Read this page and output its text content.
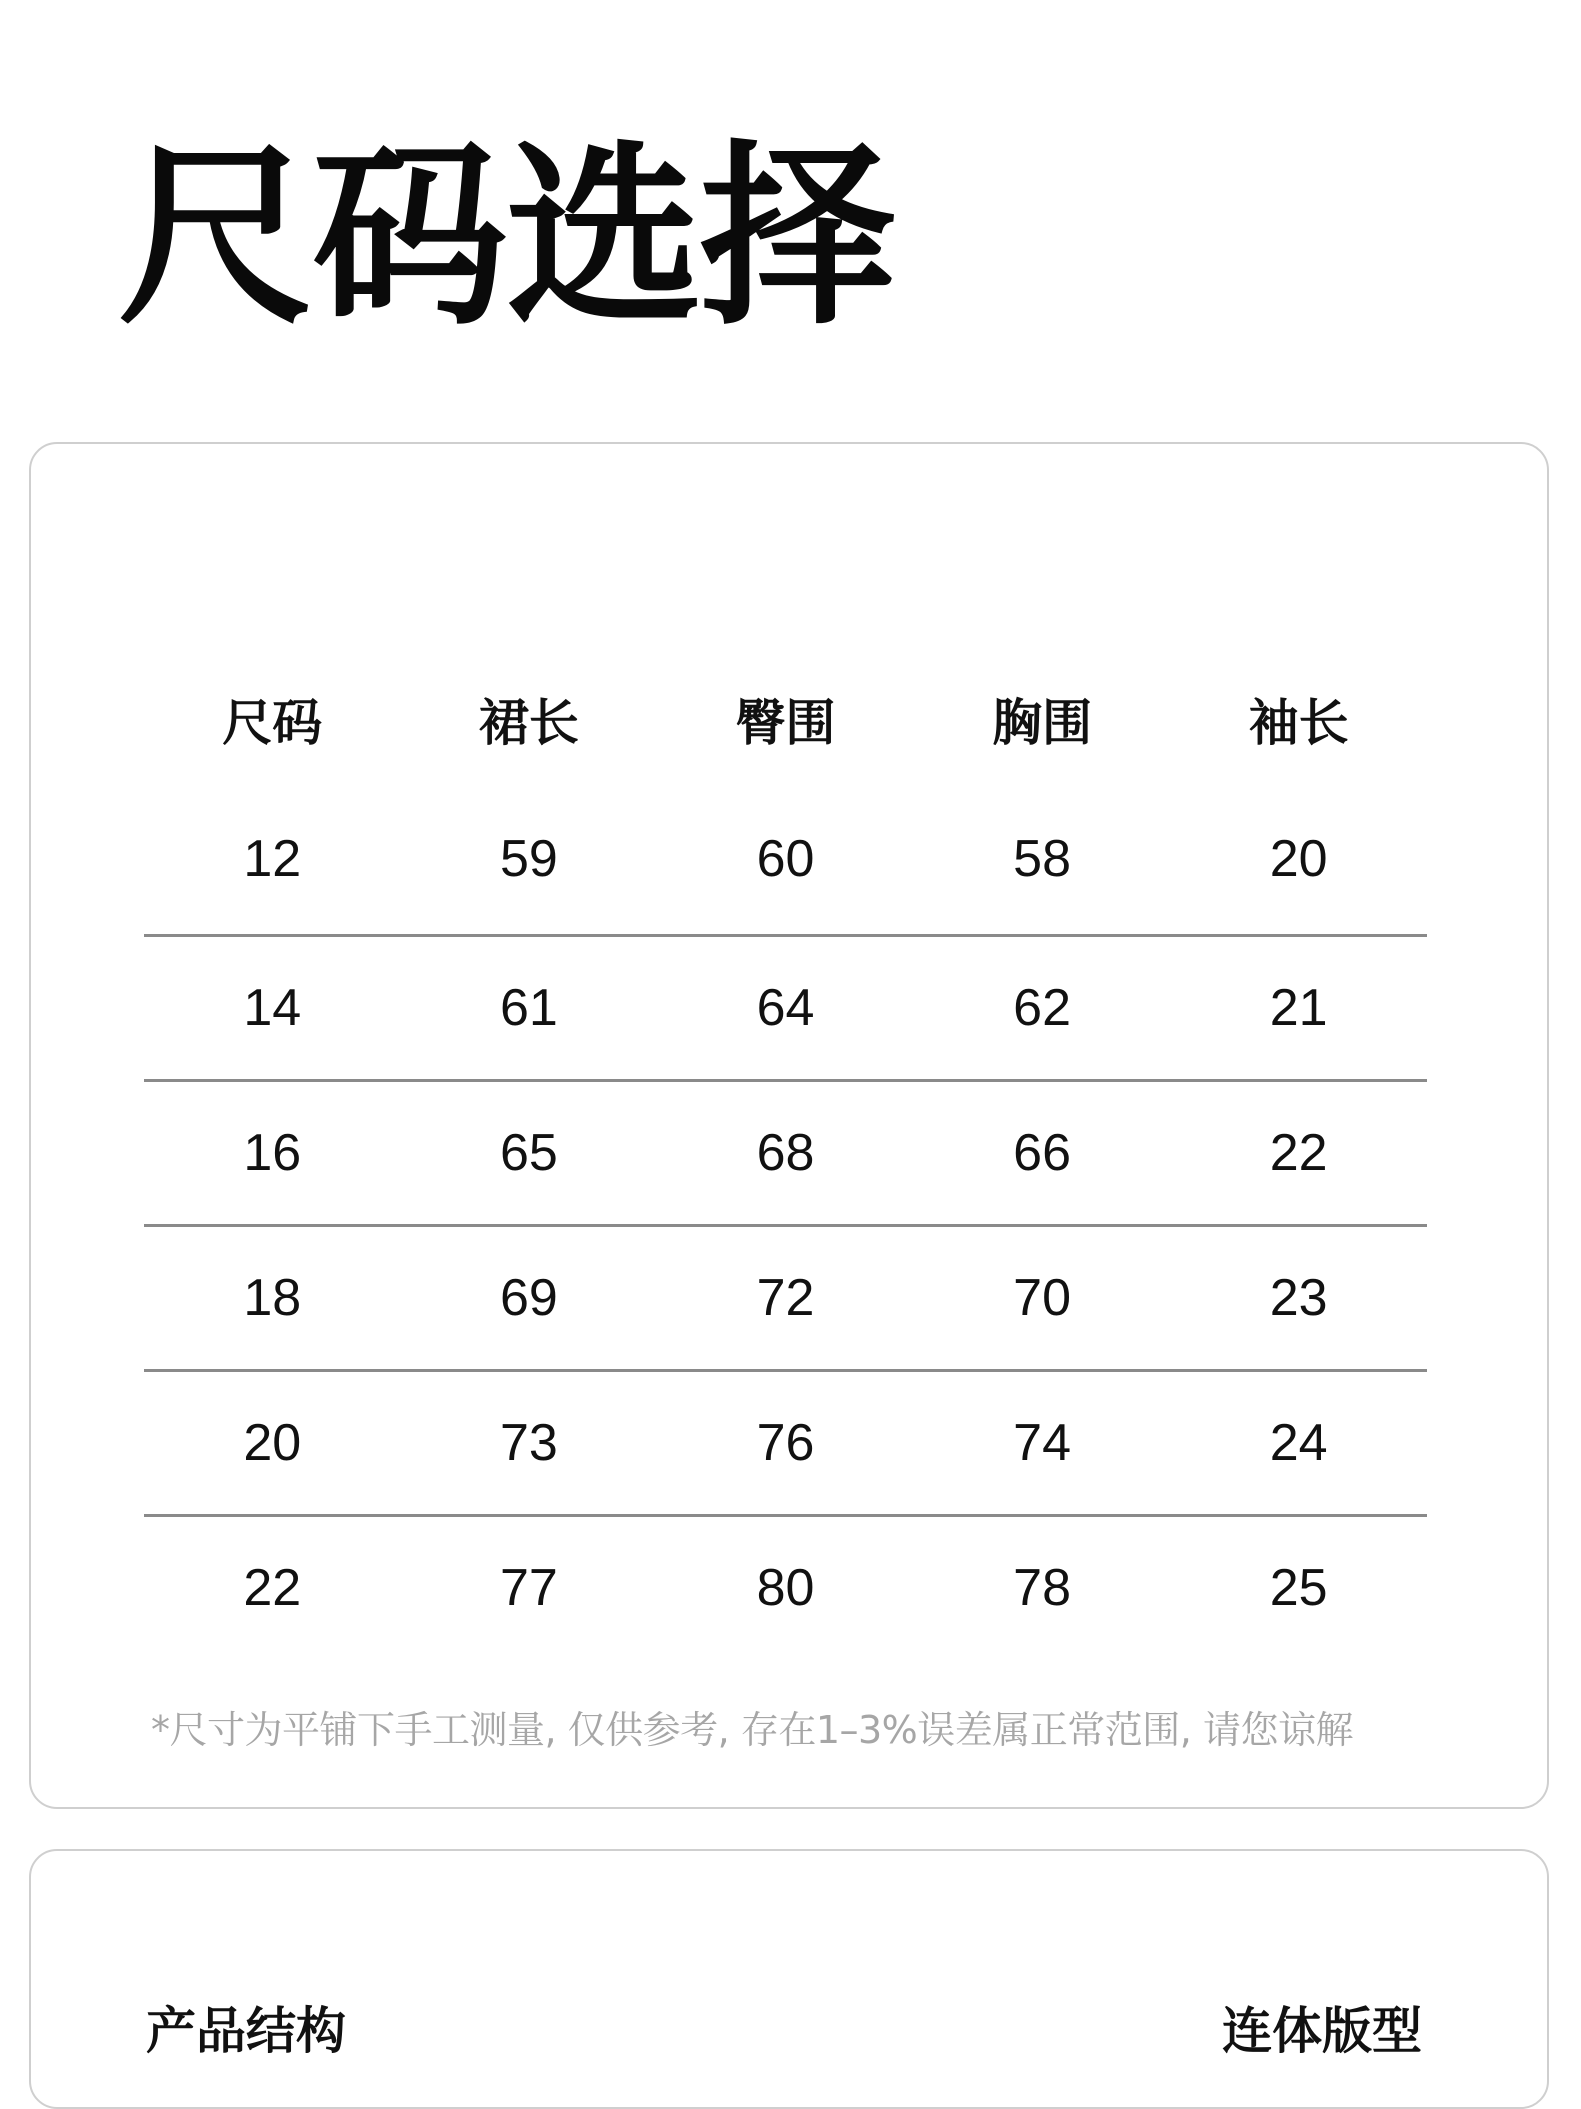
尺码选择
尺码	裙长	臀围	胸围	袖长
12	59	60	58	20
14	61	64	62	21
16	65	68	66	22
18	69	72	70	23
20	73	76	74	24
22	77	80	78	25
*尺寸为平铺下手工测量, 仅供参考, 存在1–3%误差属正常范围, 请您谅解
产品结构	连体版型
